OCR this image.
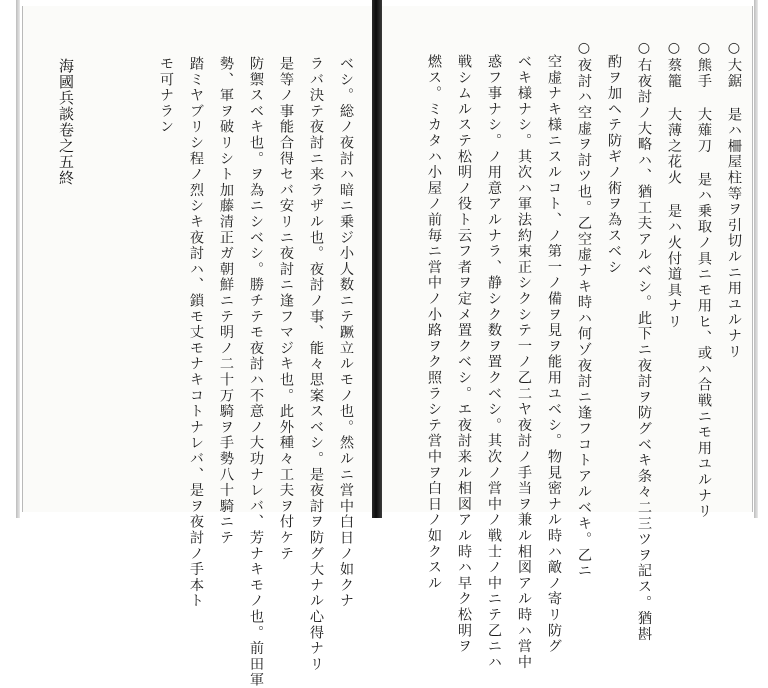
○大鋸 是ハ柵屋柱等ヲ引切ルニ用ユルナリ
○熊手 大薙刀 是ハ乗取ノ具ニモ用ヒ、或ハ合戦ニモ用ユルナリ
○蔡籠 大薄之花火 是ハ火付道具ナリ
○右夜討ノ大略ハ、猶工夫アルベシ。此下ニ夜討ヲ防グベキ条々二三ツヲ記ス。猶斟
酌ヲ加ヘテ防ギノ術ヲ為スベシ
○夜討ハ空虚ヲ討ツ也。乙空虚ナキ時ハ何ゾ夜討ニ逢フコトアルベキ。乙ニ
空虚ナキ様ニスルコト、ノ第一ノ備ヲ見ヲ能用ユベシ。物見密ナル時ハ敵ノ寄リ防グ
ベキ様ナシ。其次ハ軍法約束正シクシテ一ノ乙二ヤ夜討ノ手当ヲ兼ル相図アル時ハ営中
惑フ事ナシ。ノ用意アルナラ、静シク数ヲ置クベシ。其次ノ営中ノ戦士ノ中ニテ乙ニハ
戦シムルステ松明ノ役ト云フ者ヲ定メ置クベシ。エ夜討来ル相図アル時ハ早ク松明ヲ
燃ス。ミカタハ小屋ノ前毎ニ営中ノ小路ヲク照ラシテ営中ヲ白日ノ如クスル
ベシ。総ノ夜討ハ暗ニ乗ジ小人数ニテ蹶立ルモノ也。然ルニ営中白日ノ如クナ
ラバ決テ夜討ニ来ラザル也。夜討ノ事、能々思案スベシ。是夜討ヲ防グ大ナル心得ナリ
是等ノ事能合得セバ安リニ夜討ニ逢フマジキ也。此外種々工夫ヲ付ケテ
防禦スベキ也。ヲ為ニシベシ。勝チテモ夜討ハ不意ノ大功ナレバ、芳ナキモノ也。前田軍
勢、軍ヲ破リシト加藤清正ガ朝鮮ニテ明ノ二十万騎ヲ手勢八十騎ニテ
踏ミヤブリシ程ノ烈シキ夜討ハ、鎖モ丈モナキコトナレバ、是ヲ夜討ノ手本ト
モ可ナラン
海國兵談卷之五終
